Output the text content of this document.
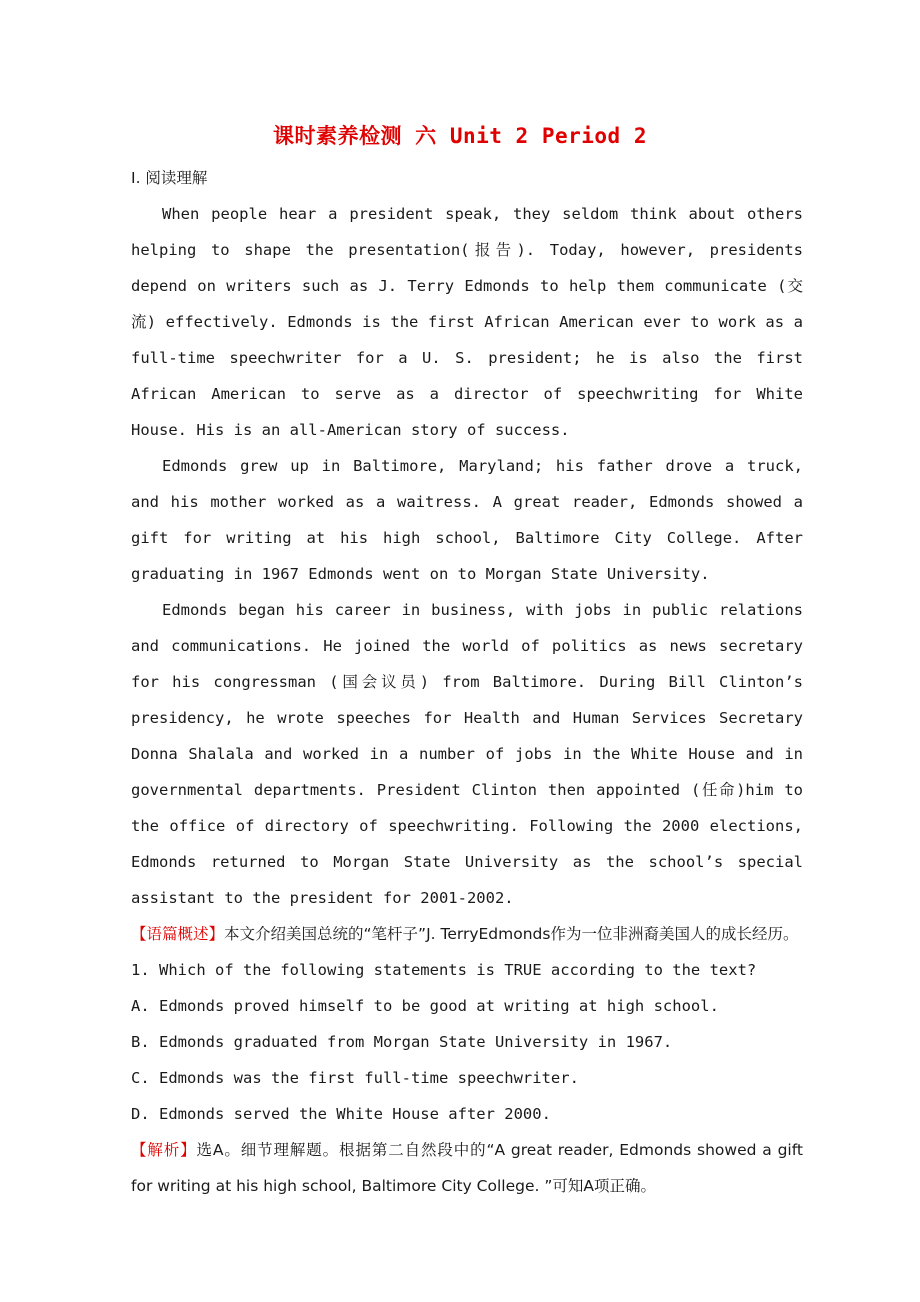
课时素养检测 六 Unit 2 Period 2

Ⅰ. 阅读理解

When people hear a president speak, they seldom think about others helping to shape the presentation(报告). Today, however, presidents depend on writers such as J. Terry Edmonds to help them communicate (交流) effectively. Edmonds is the first African American ever to work as a full-time speechwriter for a U. S. president; he is also the first African American to serve as a director of speechwriting for White House. His is an all-American story of success.

Edmonds grew up in Baltimore, Maryland; his father drove a truck, and his mother worked as a waitress. A great reader, Edmonds showed a gift for writing at his high school, Baltimore City College. After graduating in 1967 Edmonds went on to Morgan State University.

Edmonds began his career in business, with jobs in public relations and communications. He joined the world of politics as news secretary for his congressman (国会议员) from Baltimore. During Bill Clinton’s presidency, he wrote speeches for Health and Human Services Secretary Donna Shalala and worked in a number of jobs in the White House and in governmental departments. President Clinton then appointed (任命)him to the office of directory of speechwriting. Following the 2000 elections, Edmonds returned to Morgan State University as the school’s special assistant to the president for 2001-2002.

【语篇概述】本文介绍美国总统的“笔杆子”J. TerryEdmonds作为一位非洲裔美国人的成长经历。

1. Which of the following statements is TRUE according to the text?

A. Edmonds proved himself to be good at writing at high school.

B. Edmonds graduated from Morgan State University in 1967.

C. Edmonds was the first full-time speechwriter.

D. Edmonds served the White House after 2000.

【解析】选A。细节理解题。根据第二自然段中的“A great reader, Edmonds showed a gift for writing at his high school, Baltimore City College. ”可知A项正确。
